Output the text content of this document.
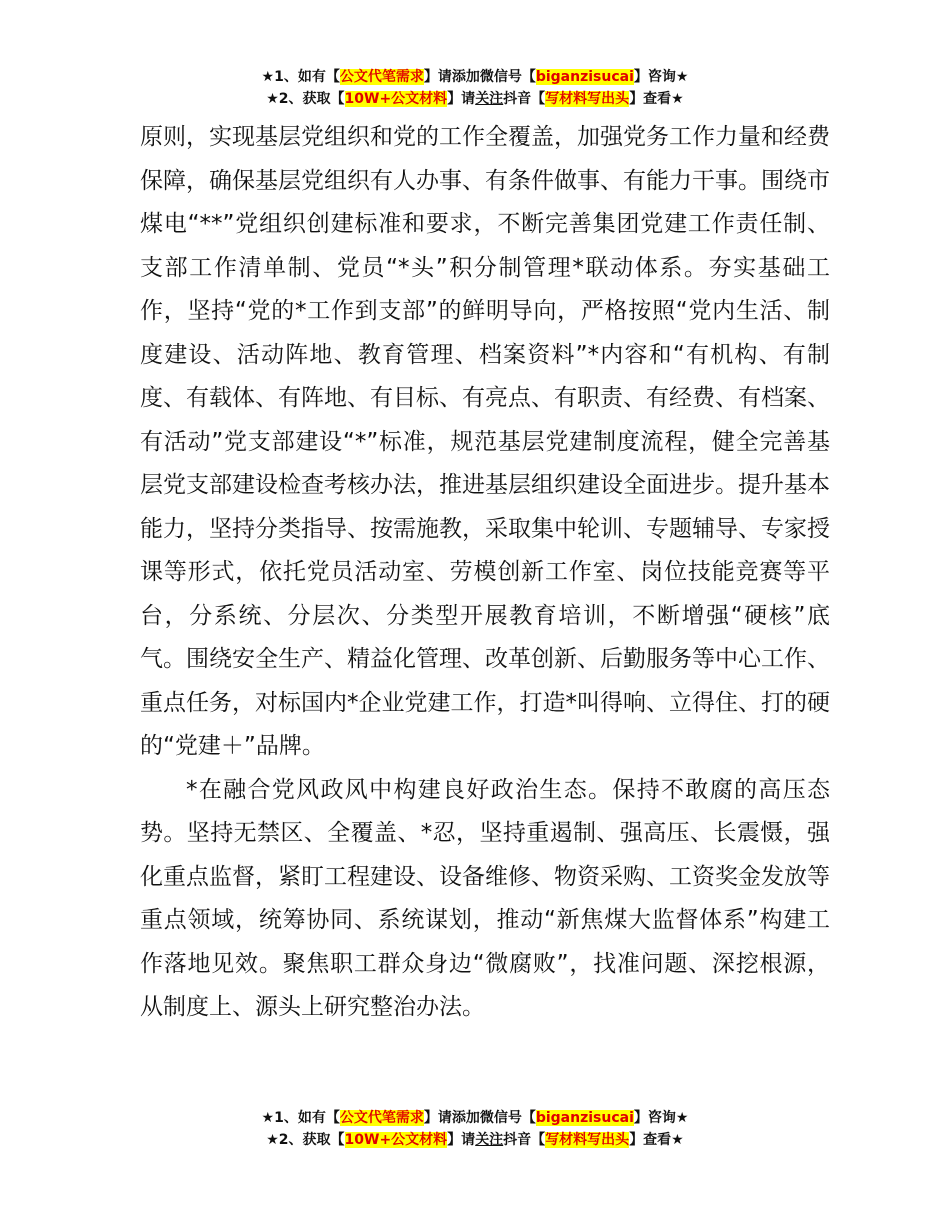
★1、如有【公文代笔需求】请添加微信号【biganzisucai】咨询★
★2、获取【10W+公文材料】请关注抖音【写材料写出头】查看★

原则，实现基层党组织和党的工作全覆盖，加强党务工作力量和经费保障，确保基层党组织有人办事、有条件做事、有能力干事。围绕市煤电“**”党组织创建标准和要求，不断完善集团党建工作责任制、支部工作清单制、党员“*头”积分制管理*联动体系。夯实基础工作，坚持“党的*工作到支部”的鲜明导向，严格按照“党内生活、制度建设、活动阵地、教育管理、档案资料”*内容和“有机构、有制度、有载体、有阵地、有目标、有亮点、有职责、有经费、有档案、有活动”党支部建设“*”标准，规范基层党建制度流程，健全完善基层党支部建设检查考核办法，推进基层组织建设全面进步。提升基本能力，坚持分类指导、按需施教，采取集中轮训、专题辅导、专家授课等形式，依托党员活动室、劳模创新工作室、岗位技能竞赛等平台，分系统、分层次、分类型开展教育培训，不断增强“硬核”底气。围绕安全生产、精益化管理、改革创新、后勤服务等中心工作、重点任务，对标国内*企业党建工作，打造*叫得响、立得住、打的硬的“党建＋”品牌。

*在融合党风政风中构建良好政治生态。保持不敢腐的高压态势。坚持无禁区、全覆盖、*忍，坚持重遏制、强高压、长震慑，强化重点监督，紧盯工程建设、设备维修、物资采购、工资奖金发放等重点领域，统筹协同、系统谋划，推动“新焦煤大监督体系”构建工作落地见效。聚焦职工群众身边“微腐败”，找准问题、深挖根源，从制度上、源头上研究整治办法。

★1、如有【公文代笔需求】请添加微信号【biganzisucai】咨询★
★2、获取【10W+公文材料】请关注抖音【写材料写出头】查看★
